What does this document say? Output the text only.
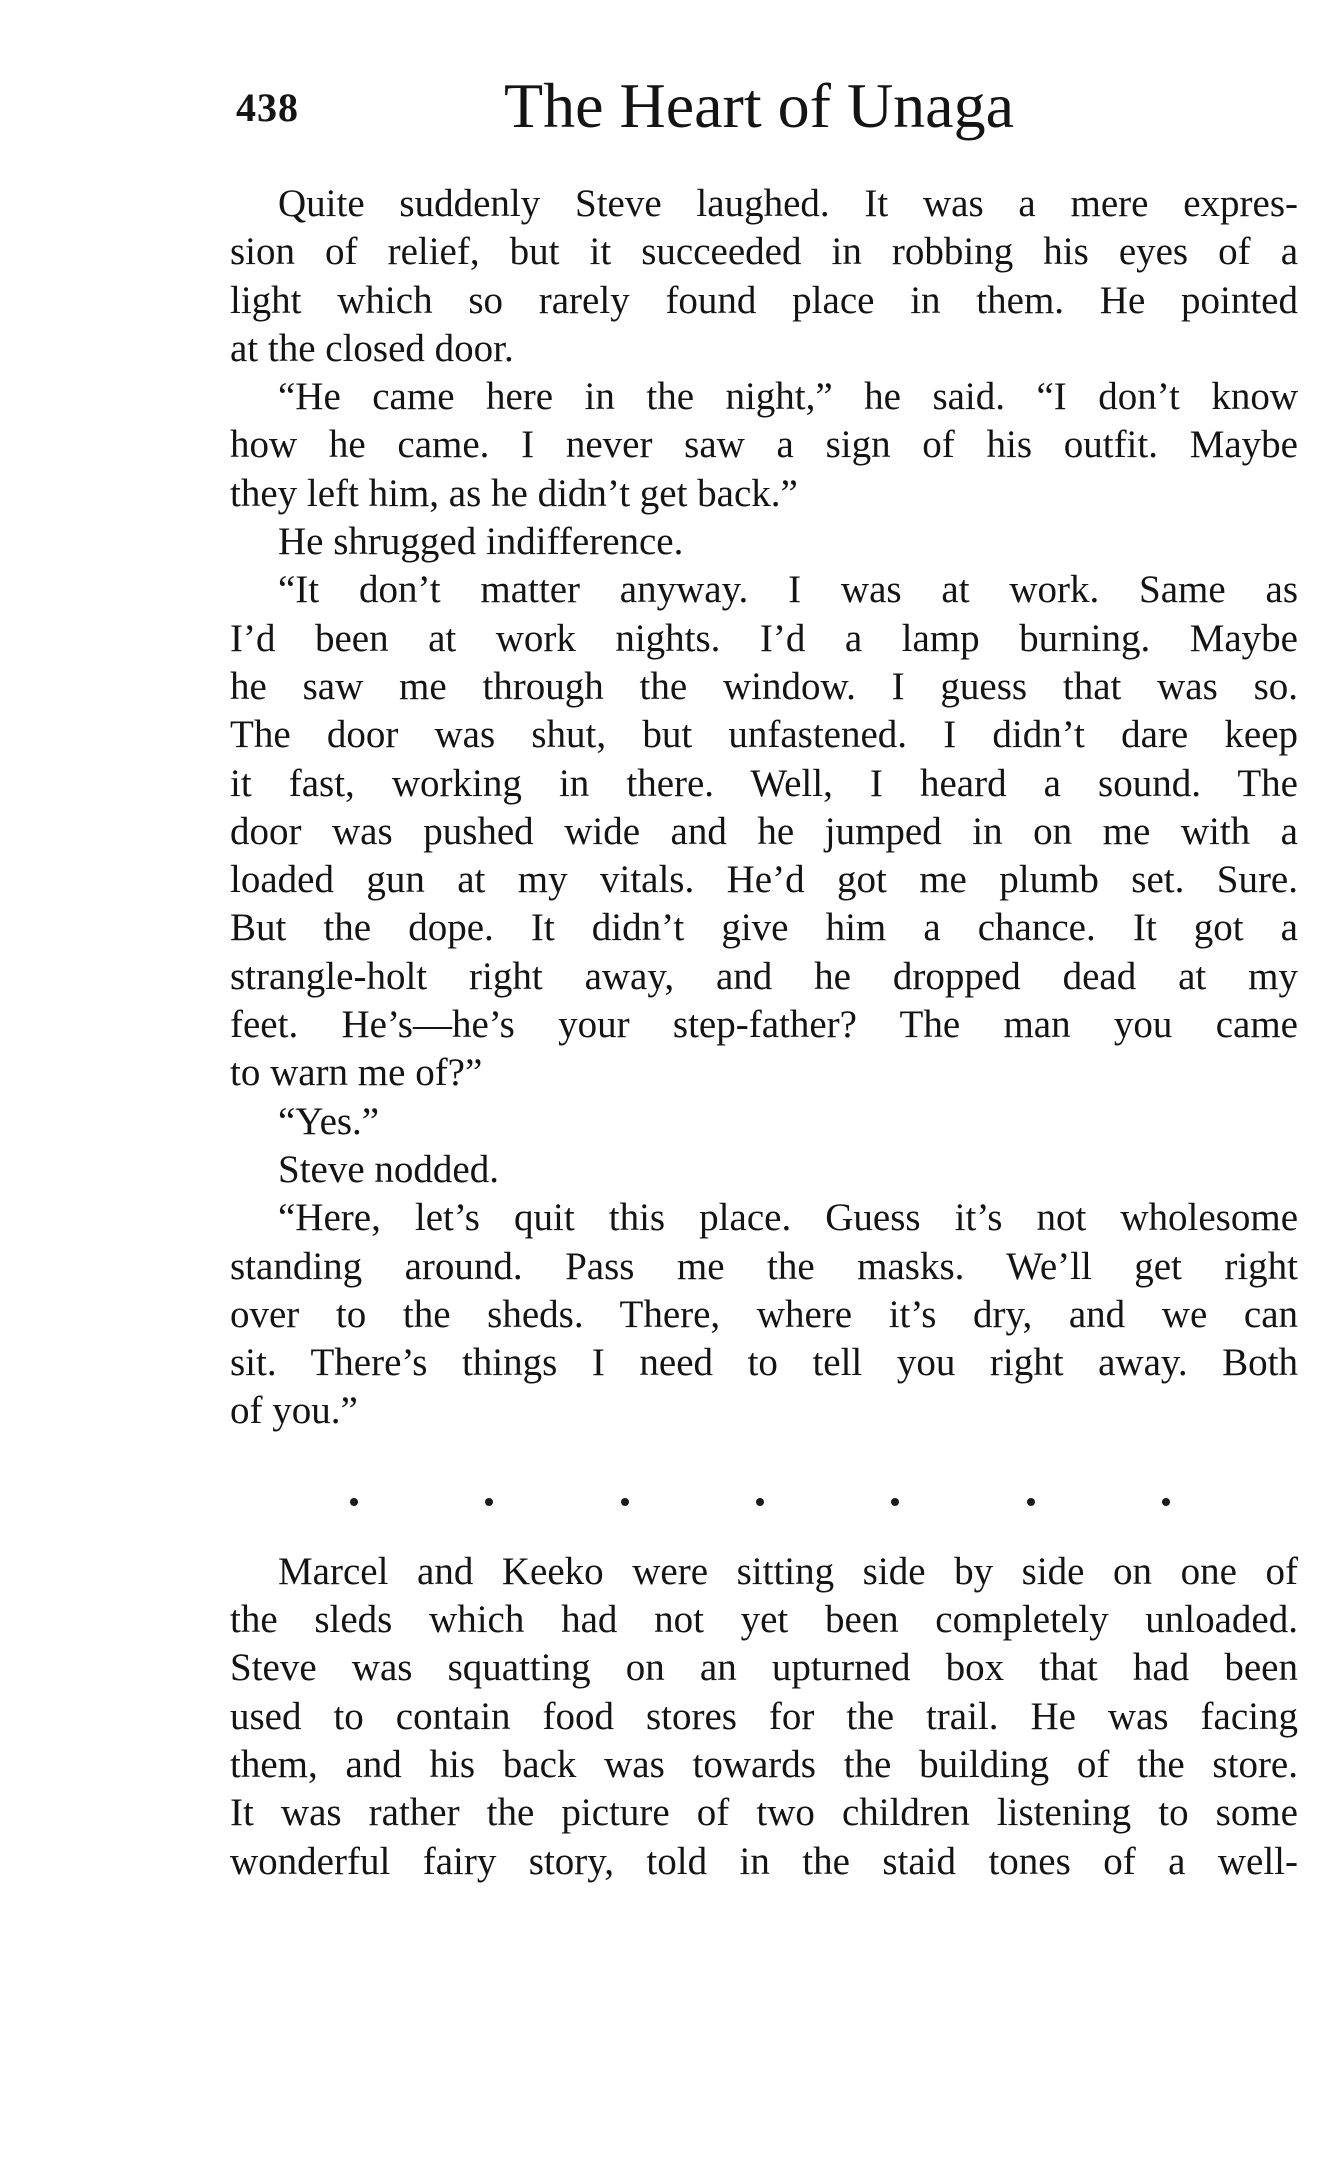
438	The Heart of Unaga
Quite suddenly Steve laughed. It was a mere expres-
sion of relief, but it succeeded in robbing his eyes of a
light which so rarely found place in them. He pointed
at the closed door.
“He came here in the night,” he said. “I don’t know
how he came. I never saw a sign of his outfit. Maybe
they left him, as he didn’t get back.”
He shrugged indifference.
“It don’t matter anyway. I was at work. Same as
I’d been at work nights. I’d a lamp burning. Maybe
he saw me through the window. I guess that was so.
The door was shut, but unfastened. I didn’t dare keep
it fast, working in there. Well, I heard a sound. The
door was pushed wide and he jumped in on me with a
loaded gun at my vitals. He’d got me plumb set. Sure.
But the dope. It didn’t give him a chance. It got a
strangle-holt right away, and he dropped dead at my
feet. He’s—he’s your step-father? The man you came
to warn me of?”
“Yes.”
Steve nodded.
“Here, let’s quit this place. Guess it’s not wholesome
standing around. Pass me the masks. We’ll get right
over to the sheds. There, where it’s dry, and we can
sit. There’s things I need to tell you right away. Both
of you.”
Marcel and Keeko were sitting side by side on one of
the sleds which had not yet been completely unloaded.
Steve was squatting on an upturned box that had been
used to contain food stores for the trail. He was facing
them, and his back was towards the building of the store.
It was rather the picture of two children listening to some
wonderful fairy story, told in the staid tones of a well-
